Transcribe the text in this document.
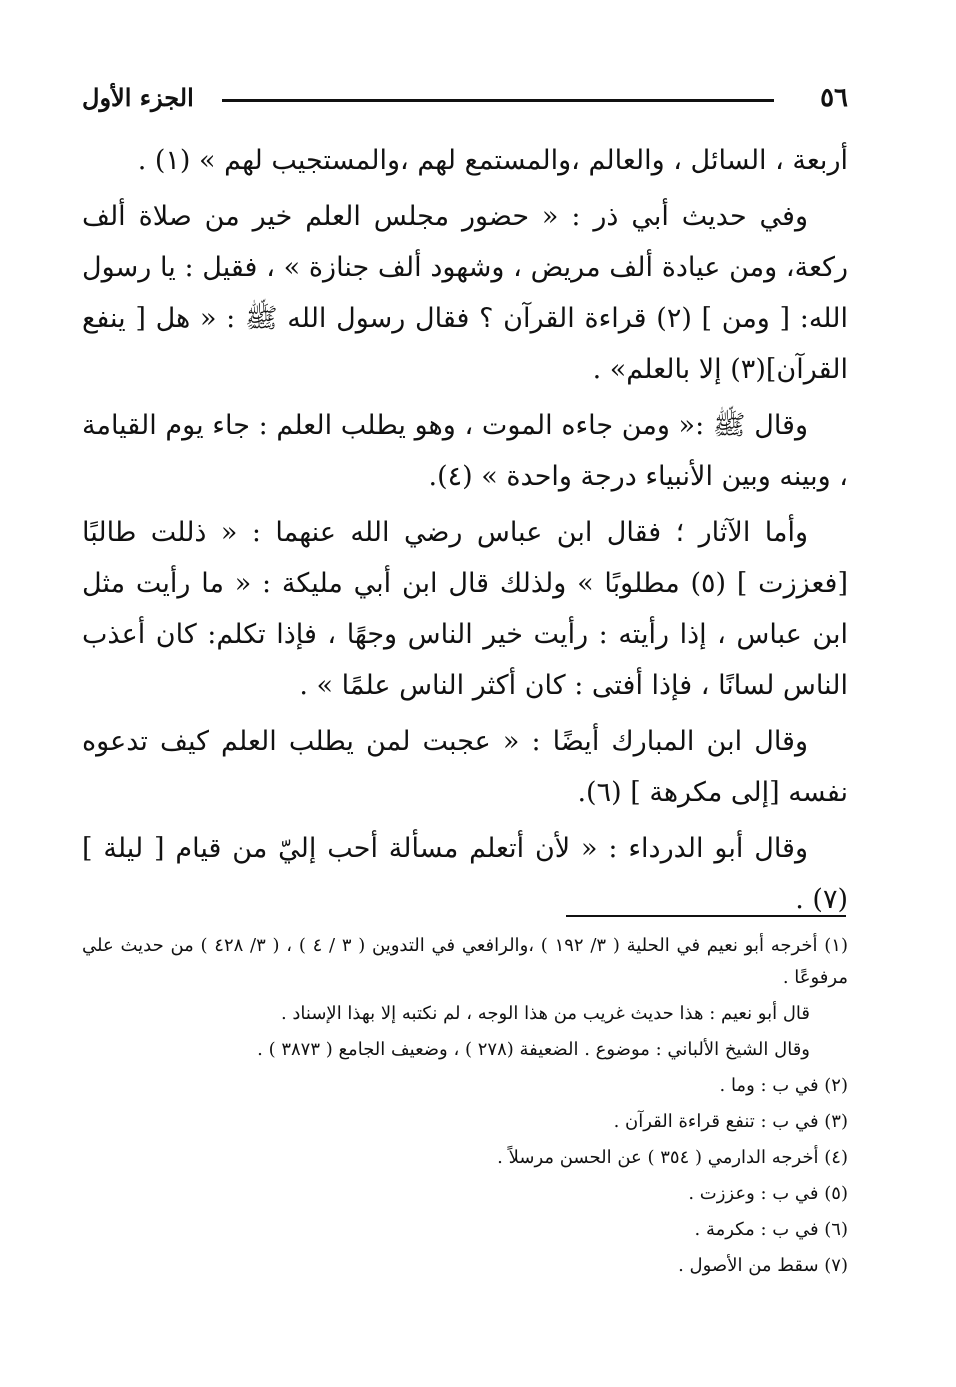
٥٦
الجزء الأول

أربعة ، السائل ، والعالم ،والمستمع لهم ،والمستجيب لهم » (١) .

وفي حديث أبي ذر : « حضور مجلس العلم خير من صلاة ألف ركعة، ومن عيادة ألف مريض ، وشهود ألف جنازة » ، فقيل : يا رسول الله: [ ومن ] (٢) قراءة القرآن ؟ فقال رسول الله ﷺ : « هل [ ينفع القرآن](٣) إلا بالعلم» .

وقال ﷺ :« ومن جاءه الموت ، وهو يطلب العلم : جاء يوم القيامة ، وبينه وبين الأنبياء درجة واحدة » (٤).

وأما الآثار ؛ فقال ابن عباس رضي الله عنهما : « ذللت طالبًا [فعززت ] (٥) مطلوبًا » ولذلك قال ابن أبي مليكة : « ما رأيت مثل ابن عباس ، إذا رأيته : رأيت خير الناس وجهًا ، فإذا تكلم: كان أعذب الناس لسانًا ، فإذا أفتى : كان أكثر الناس علمًا » .

وقال ابن المبارك أيضًا : « عجبت لمن يطلب العلم كيف تدعوه نفسه [إلى مكرهة ] (٦).

وقال أبو الدرداء : « لأن أتعلم مسألة أحب إليّ من قيام [ ليلة ] (٧) .

(١) أخرجه أبو نعيم في الحلية ( ٣/ ١٩٢ ) ،والرافعي في التدوين ( ٣ / ٤ ) ، ( ٣/ ٤٢٨ ) من حديث علي مرفوعًا .

قال أبو نعيم : هذا حديث غريب من هذا الوجه ، لم نكتبه إلا بهذا الإسناد .

وقال الشيخ الألباني : موضوع . الضعيفة (٢٧٨ ) ، وضعيف الجامع ( ٣٨٧٣ ) .

(٢) في ب : وما .

(٣) في ب : تنفع قراءة القرآن .

(٤) أخرجه الدارمي ( ٣٥٤ ) عن الحسن مرسلاً .

(٥) في ب : وعززت .

(٦) في ب : مكرمة .

(٧) سقط من الأصول .
